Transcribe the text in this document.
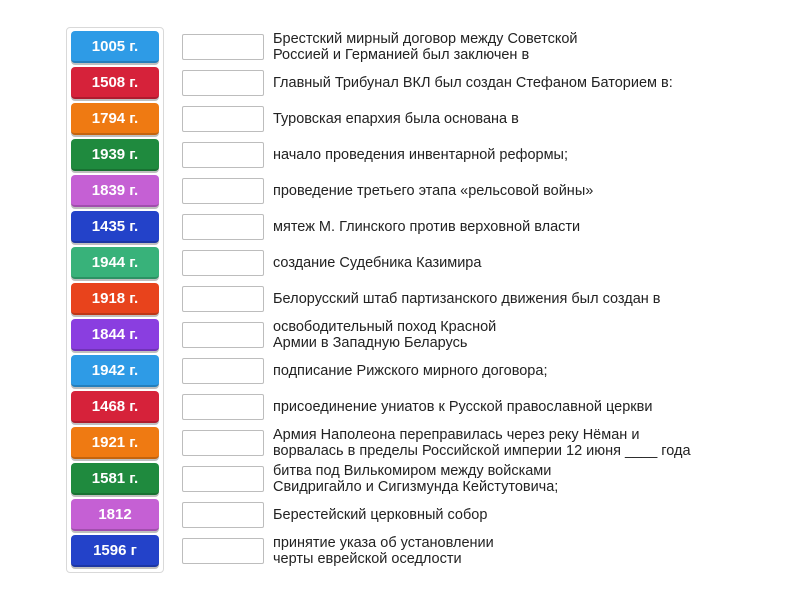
1005 г.
1508 г.
1794 г.
1939 г.
1839 г.
1435 г.
1944 г.
1918 г.
1844 г.
1942 г.
1468 г.
1921 г.
1581 г.
1812
1596 г
Брестский мирный договор между Советской
Россией и Германией был заключен в
Главный Трибунал ВКЛ был создан Стефаном Баторием в:
Туровская епархия была основана в
начало проведения инвентарной реформы;
проведение третьего этапа «рельсовой войны»
мятеж М. Глинского против верховной власти
создание Судебника Казимира
Белорусский штаб партизанского движения был создан в
освободительный поход Красной
Армии в Западную Беларусь
подписание Рижского мирного договора;
присоединение униатов к Русской православной церкви
Армия Наполеона переправилась через реку Нёман и
ворвалась в пределы Российской империи 12 июня ____ года
битва под Вилькомиром между войсками
Свидригайло и Сигизмунда Кейстутовича;
Берестейский церковный собор
принятие указа об установлении
черты еврейской оседлости
